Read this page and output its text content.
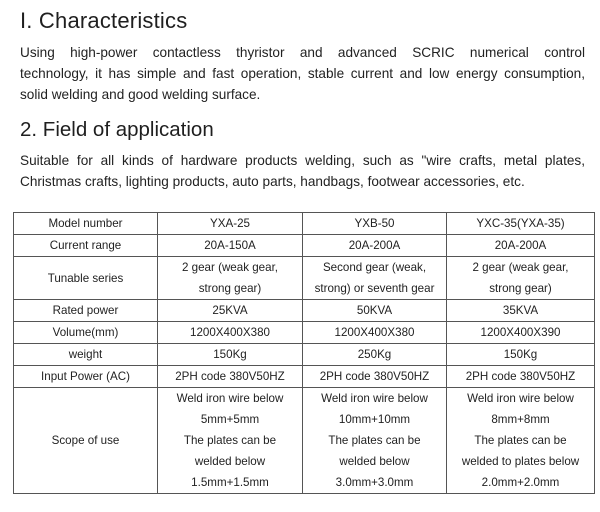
I. Characteristics
Using high-power contactless thyristor and advanced SCRIC numerical control
technology, it has simple and fast operation, stable current and low energy consumption,
solid welding and good welding surface.
2. Field of application
Suitable for all kinds of hardware products welding, such as "wire crafts, metal plates,
Christmas crafts, lighting products, auto parts, handbags, footwear accessories, etc.
Model number	YXA-25	YXB-50	YXC-35(YXA-35)
Current range	20A-150A	20A-200A	20A-200A
Tunable series	2 gear (weak gear,
strong gear)	Second gear (weak,
strong) or seventh gear	2 gear (weak gear,
strong gear)

Rated power	25KVA	50KVA	35KVA
Volume(mm)	1200X400X380	1200X400X380	1200X400X390
weight	150Kg	250Kg	150Kg
Input Power (AC)	2PH code 380V50HZ	2PH code 380V50HZ	2PH code 380V50HZ
Scope of use	Weld iron wire below
5mm+5mm
The plates can be
welded below
1.5mm+1.5mm	Weld iron wire below
10mm+10mm
The plates can be
welded below
3.0mm+3.0mm	Weld iron wire below
8mm+8mm
The plates can be
welded to plates below
2.0mm+2.0mm
